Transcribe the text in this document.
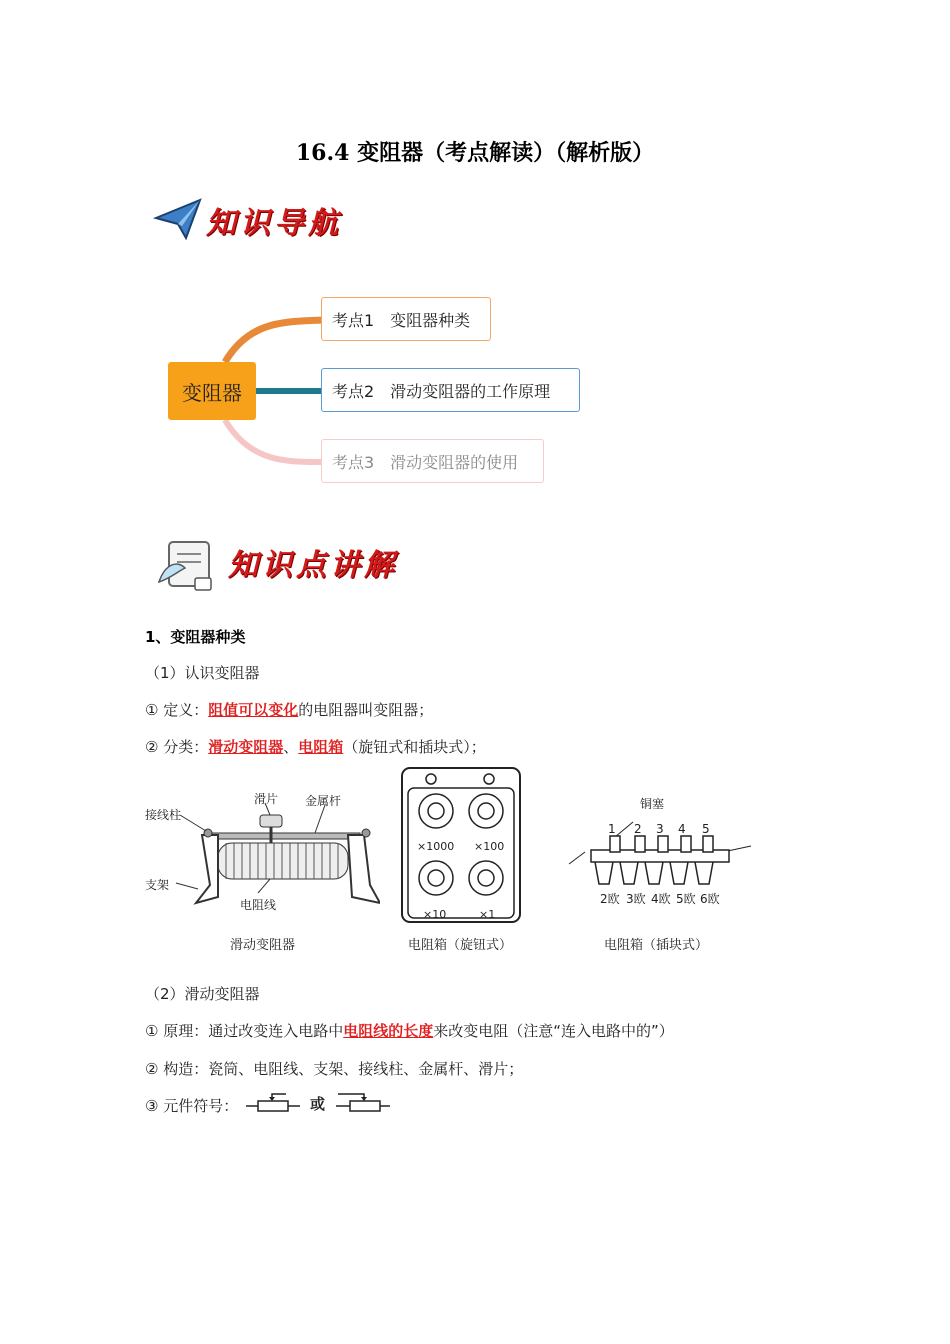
16.4 变阻器（考点解读）（解析版）
知识导航
变阻器
考点1　变阻器种类
考点2　滑动变阻器的工作原理
考点3　滑动变阻器的使用
知识点讲解
1、变阻器种类
（1）认识变阻器
① 定义：阻值可以变化的电阻器叫变阻器；
② 分类：滑动变阻器、电阻箱（旋钮式和插块式）；
接线柱
滑片 金属杆
支架
电阻线
滑动变阻器
×1000 ×100
×10	×1
电阻箱（旋钮式）
铜塞
1 2 3 4 5
2欧 3欧 4欧 5欧 6欧
电阻箱（插块式）
（2）滑动变阻器
① 原理：通过改变连入电路中电阻线的长度来改变电阻（注意“连入电路中的”）
② 构造：瓷筒、电阻线、支架、接线柱、金属杆、滑片；
③ 元件符号：	或
